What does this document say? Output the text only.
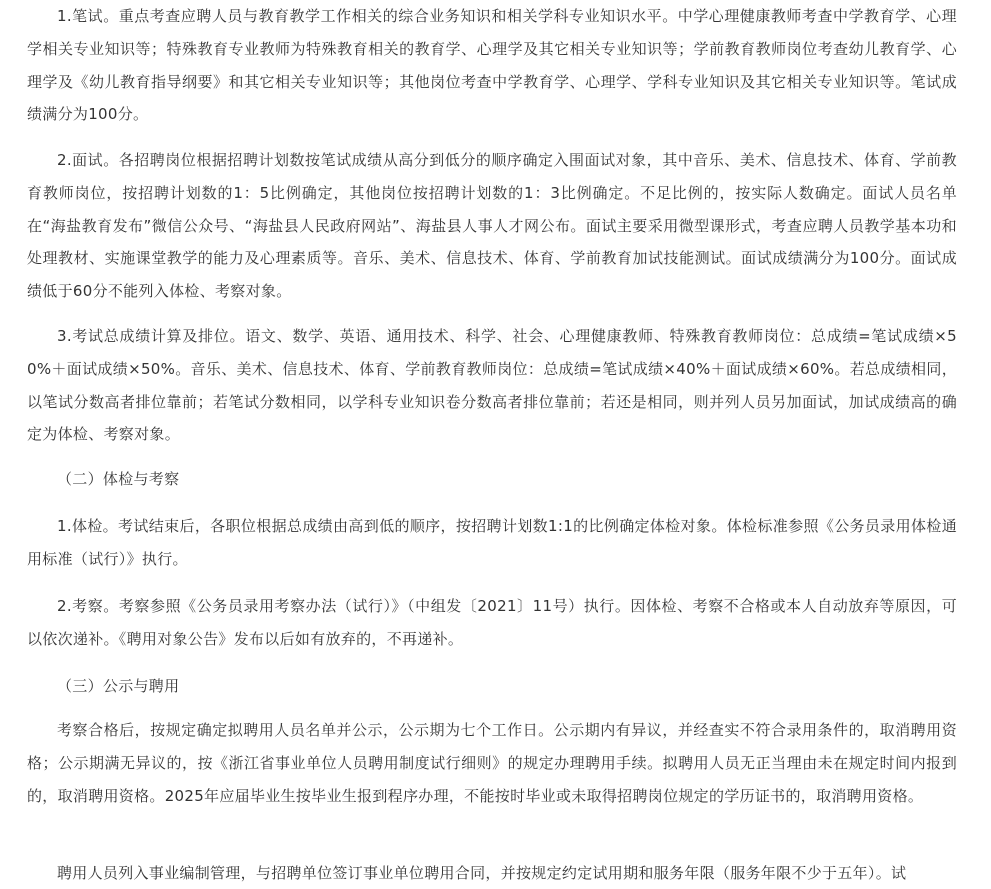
1.笔试。重点考查应聘人员与教育教学工作相关的综合业务知识和相关学科专业知识水平。中学心理健康教师考查中学教育学、心理学相关专业知识等；特殊教育专业教师为特殊教育相关的教育学、心理学及其它相关专业知识等；学前教育教师岗位考查幼儿教育学、心理学及《幼儿教育指导纲要》和其它相关专业知识等；其他岗位考查中学教育学、心理学、学科专业知识及其它相关专业知识等。笔试成绩满分为100分。

2.面试。各招聘岗位根据招聘计划数按笔试成绩从高分到低分的顺序确定入围面试对象，其中音乐、美术、信息技术、体育、学前教育教师岗位，按招聘计划数的1：5比例确定，其他岗位按招聘计划数的1：3比例确定。不足比例的，按实际人数确定。面试人员名单在“海盐教育发布”微信公众号、“海盐县人民政府网站”、海盐县人事人才网公布。面试主要采用微型课形式，考查应聘人员教学基本功和处理教材、实施课堂教学的能力及心理素质等。音乐、美术、信息技术、体育、学前教育加试技能测试。面试成绩满分为100分。面试成绩低于60分不能列入体检、考察对象。

3.考试总成绩计算及排位。语文、数学、英语、通用技术、科学、社会、心理健康教师、特殊教育教师岗位：总成绩=笔试成绩×50%＋面试成绩×50%。音乐、美术、信息技术、体育、学前教育教师岗位：总成绩=笔试成绩×40%＋面试成绩×60%。若总成绩相同，以笔试分数高者排位靠前；若笔试分数相同，以学科专业知识卷分数高者排位靠前；若还是相同，则并列人员另加面试，加试成绩高的确定为体检、考察对象。

（二）体检与考察

1.体检。考试结束后，各职位根据总成绩由高到低的顺序，按招聘计划数1:1的比例确定体检对象。体检标准参照《公务员录用体检通用标准（试行）》执行。

2.考察。考察参照《公务员录用考察办法（试行）》（中组发〔2021〕11号）执行。因体检、考察不合格或本人自动放弃等原因，可以依次递补。《聘用对象公告》发布以后如有放弃的，不再递补。

（三）公示与聘用

考察合格后，按规定确定拟聘用人员名单并公示，公示期为七个工作日。公示期内有异议，并经查实不符合录用条件的，取消聘用资格；公示期满无异议的，按《浙江省事业单位人员聘用制度试行细则》的规定办理聘用手续。拟聘用人员无正当理由未在规定时间内报到的，取消聘用资格。2025年应届毕业生按毕业生报到程序办理，不能按时毕业或未取得招聘岗位规定的学历证书的，取消聘用资格。

聘用人员列入事业编制管理，与招聘单位签订事业单位聘用合同，并按规定约定试用期和服务年限（服务年限不少于五年）。试
